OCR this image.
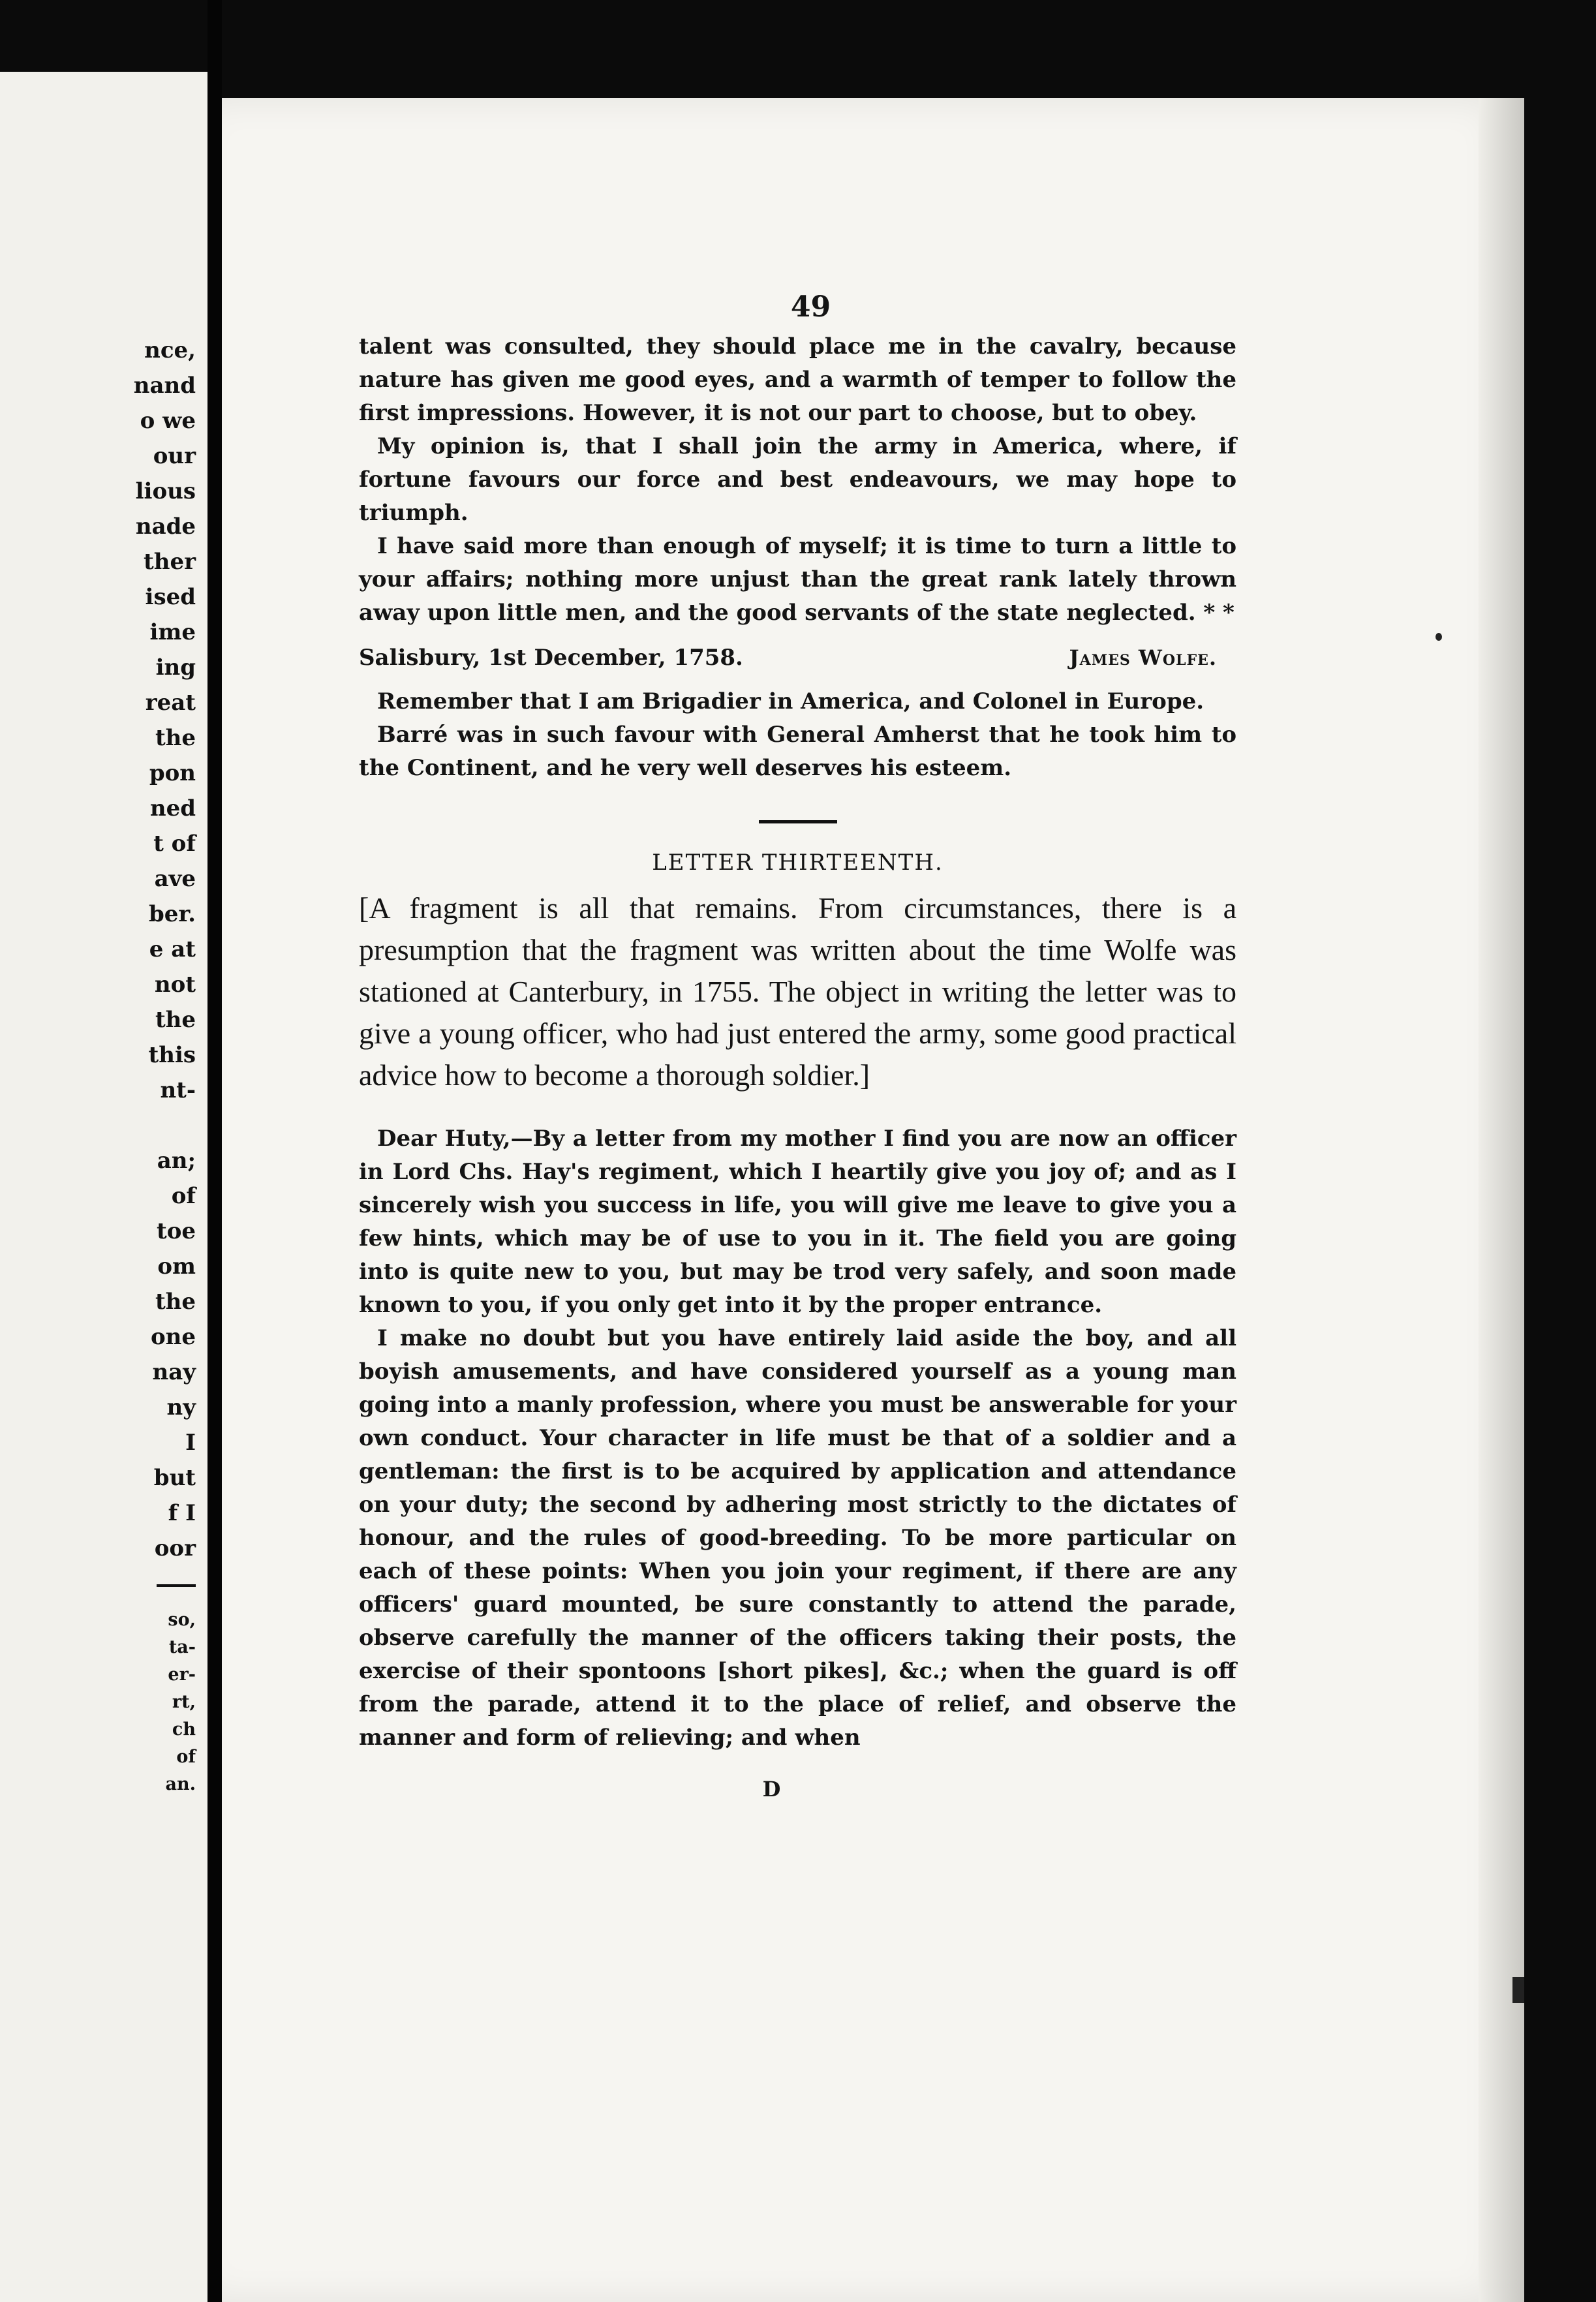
nce,
nand
o we
our
lious
nade
ther
ised
ime
ing
reat
the
pon
ned
t of
ave
ber.
e at
not
the
this
nt-
an;
of
toe
om
the
one
nay
ny
I
but
f I
oor
so,
ta-
er-
rt,
ch
of
an.
49

talent was consulted, they should place me in the cavalry, because nature has given me good eyes, and a warmth of temper to follow the first impressions. However, it is not our part to choose, but to obey.

My opinion is, that I shall join the army in America, where, if fortune favours our force and best endeavours, we may hope to triumph.

I have said more than enough of myself; it is time to turn a little to your affairs; nothing more unjust than the great rank lately thrown away upon little men, and the good servants of the state neglected. * *

Salisbury, 1st December, 1758.	James Wolfe.

Remember that I am Brigadier in America, and Colonel in Europe.

Barré was in such favour with General Amherst that he took him to the Continent, and he very well deserves his esteem.

LETTER THIRTEENTH.

[A fragment is all that remains. From circumstances, there is a presumption that the fragment was written about the time Wolfe was stationed at Canterbury, in 1755. The object in writing the letter was to give a young officer, who had just entered the army, some good practical advice how to become a thorough soldier.]

Dear Huty,—By a letter from my mother I find you are now an officer in Lord Chs. Hay's regiment, which I heartily give you joy of; and as I sincerely wish you success in life, you will give me leave to give you a few hints, which may be of use to you in it. The field you are going into is quite new to you, but may be trod very safely, and soon made known to you, if you only get into it by the proper entrance.

I make no doubt but you have entirely laid aside the boy, and all boyish amusements, and have considered yourself as a young man going into a manly profession, where you must be answerable for your own conduct. Your character in life must be that of a soldier and a gentleman: the first is to be acquired by application and attendance on your duty; the second by adhering most strictly to the dictates of honour, and the rules of good-breeding. To be more particular on each of these points: When you join your regiment, if there are any officers' guard mounted, be sure constantly to attend the parade, observe carefully the manner of the officers taking their posts, the exercise of their spontoons [short pikes], &c.; when the guard is off from the parade, attend it to the place of relief, and observe the manner and form of relieving; and when

D
